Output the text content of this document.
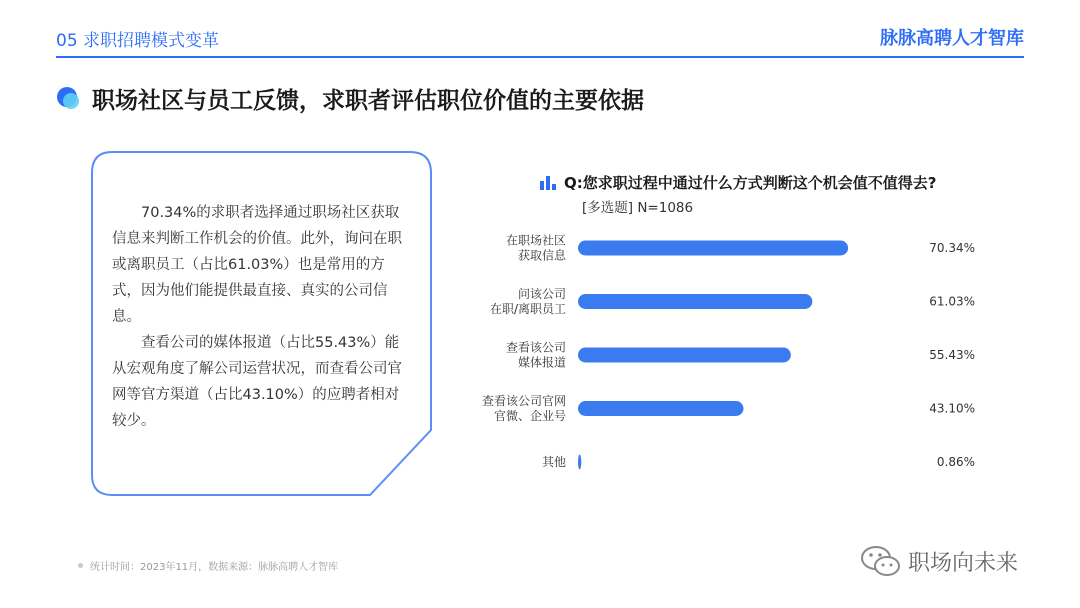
05 求职招聘模式变革	脉脉高聘人才智库
职场社区与员工反馈，求职者评估职位价值的主要依据

70.34%的求职者选择通过职场社区获取信息来判断工作机会的价值。此外，询问在职或离职员工（占比61.03%）也是常用的方式，因为他们能提供最直接、真实的公司信息。

查看公司的媒体报道（占比55.43%）能从宏观角度了解公司运营状况，而查看公司官网等官方渠道（占比43.10%）的应聘者相对较少。

Q:您求职过程中通过什么方式判断这个机会值不值得去?
[多选题] N=1086
在职场社区获取信息
70.34%
问该公司在职/离职员工
61.03%
查看该公司媒体报道
55.43%
查看该公司官网官微、企业号
43.10%
其他	0.86%
统计时间：2023年11月，数据来源：脉脉高聘人才智库	职场向未来
